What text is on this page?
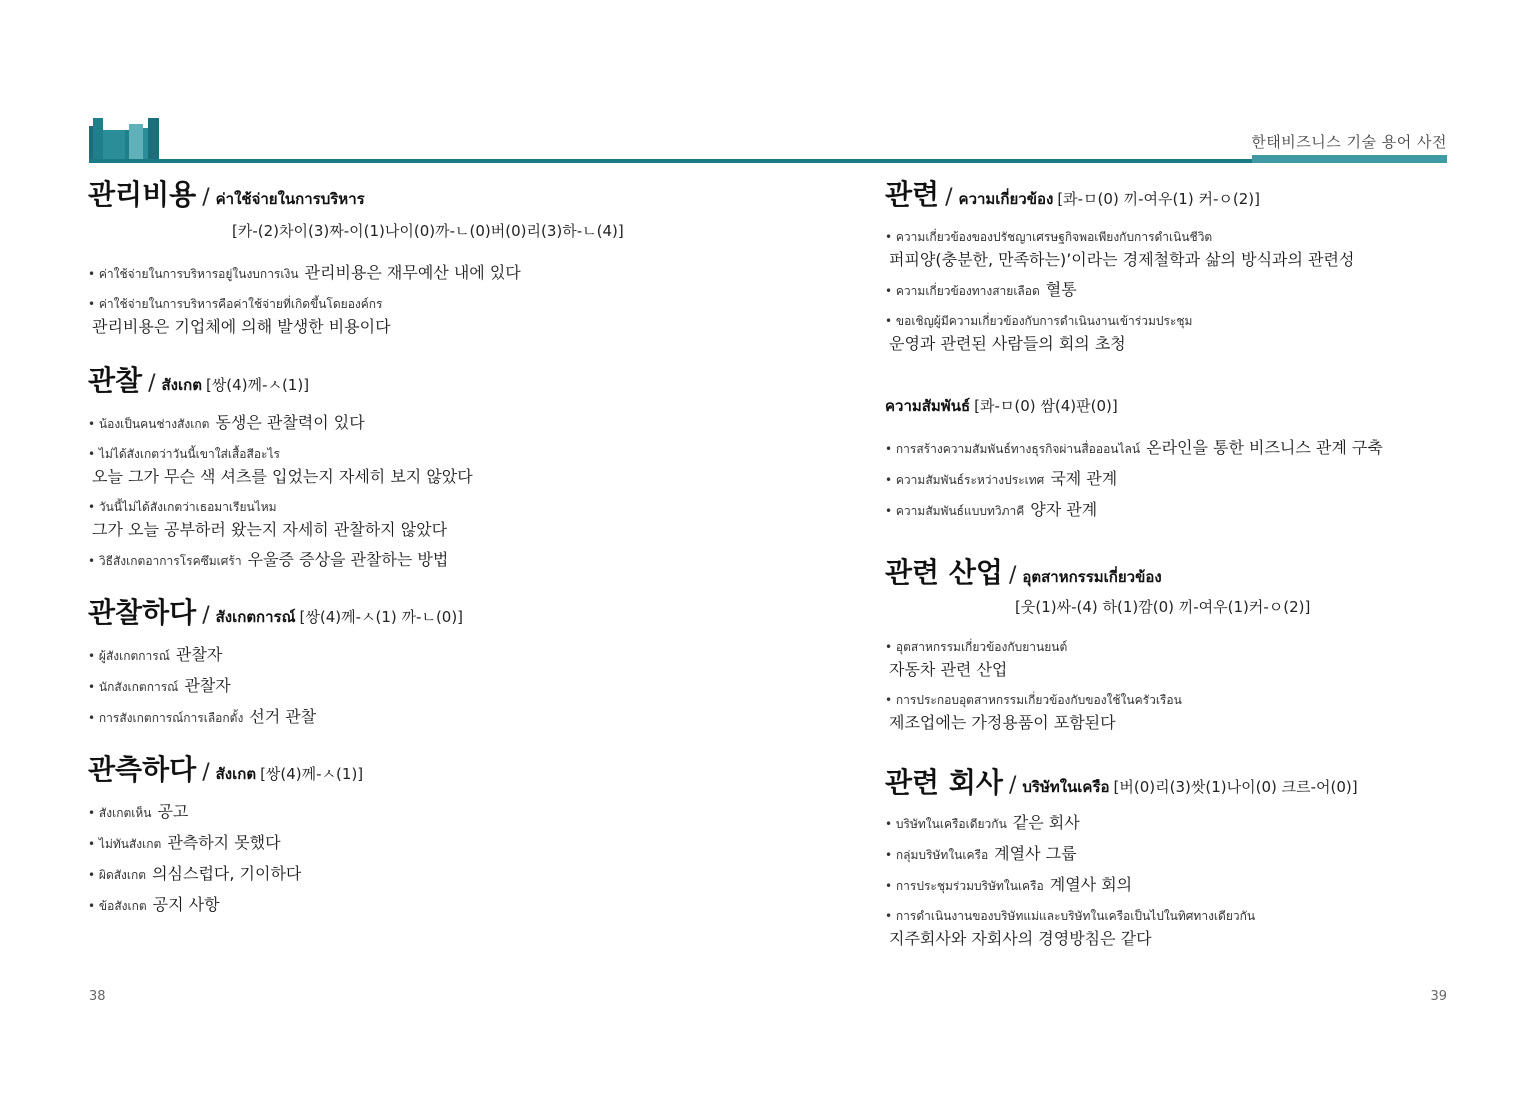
한태비즈니스 기술 용어 사전
관리비용 / ค่าใช้จ่ายในการบริหาร
[카-(2)차이(3)짜-이(1)나이(0)까-ㄴ(0)버(0)리(3)하-ㄴ(4)]
• ค่าใช้จ่ายในการบริหารอยู่ในงบการเงิน 관리비용은 재무예산 내에 있다
• ค่าใช้จ่ายในการบริหารคือค่าใช้จ่ายที่เกิดขึ้นโดยองค์กร
관리비용은 기업체에 의해 발생한 비용이다
관찰 / สังเกต [쌍(4)께-ㅅ(1)]
• น้องเป็นคนช่างสังเกต 동생은 관찰력이 있다
• ไม่ได้สังเกตว่าวันนี้เขาใส่เสื้อสีอะไร
오늘 그가 무슨 색 셔츠를 입었는지 자세히 보지 않았다
• วันนี้ไม่ได้สังเกตว่าเธอมาเรียนไหม
그가 오늘 공부하러 왔는지 자세히 관찰하지 않았다
• วิธีสังเกตอาการโรคซึมเศร้า 우울증 증상을 관찰하는 방법
관찰하다 / สังเกตการณ์ [쌍(4)께-ㅅ(1) 까-ㄴ(0)]
• ผู้สังเกตการณ์ 관찰자
• นักสังเกตการณ์ 관찰자
• การสังเกตการณ์การเลือกตั้ง 선거 관찰
관측하다 / สังเกต [쌍(4)께-ㅅ(1)]
• สังเกตเห็น 공고
• ไม่ทันสังเกต 관측하지 못했다
• ผิดสังเกต 의심스럽다, 기이하다
• ข้อสังเกต 공지 사항
관련 / ความเกี่ยวข้อง [콰-ㅁ(0) 끼-여우(1) 커-ㅇ(2)]
• ความเกี่ยวข้องของปรัชญาเศรษฐกิจพอเพียงกับการดำเนินชีวิต
퍼피양(충분한, 만족하는)’이라는 경제철학과 삶의 방식과의 관련성
• ความเกี่ยวข้องทางสายเลือด 혈통
• ขอเชิญผู้มีความเกี่ยวข้องกับการดำเนินงานเข้าร่วมประชุม
운영과 관련된 사람들의 회의 초청
ความสัมพันธ์ [콰-ㅁ(0) 쌈(4)판(0)]
• การสร้างความสัมพันธ์ทางธุรกิจผ่านสื่อออนไลน์ 온라인을 통한 비즈니스 관계 구축
• ความสัมพันธ์ระหว่างประเทศ 국제 관계
• ความสัมพันธ์แบบทวิภาคี 양자 관계
관련 산업 / อุตสาหกรรมเกี่ยวข้อง
[웃(1)싸-(4) 하(1)깜(0) 끼-여우(1)커-ㅇ(2)]
• อุตสาหกรรมเกี่ยวข้องกับยานยนต์
자동차 관련 산업
• การประกอบอุตสาหกรรมเกี่ยวข้องกับของใช้ในครัวเรือน
제조업에는 가정용품이 포함된다
관련 회사 / บริษัทในเครือ [버(0)리(3)쌋(1)나이(0) 크르-어(0)]
• บริษัทในเครือเดียวกัน 같은 회사
• กลุ่มบริษัทในเครือ 계열사 그룹
• การประชุมร่วมบริษัทในเครือ 계열사 회의
• การดำเนินงานของบริษัทแม่และบริษัทในเครือเป็นไปในทิศทางเดียวกัน
지주회사와 자회사의 경영방침은 같다
38	39
